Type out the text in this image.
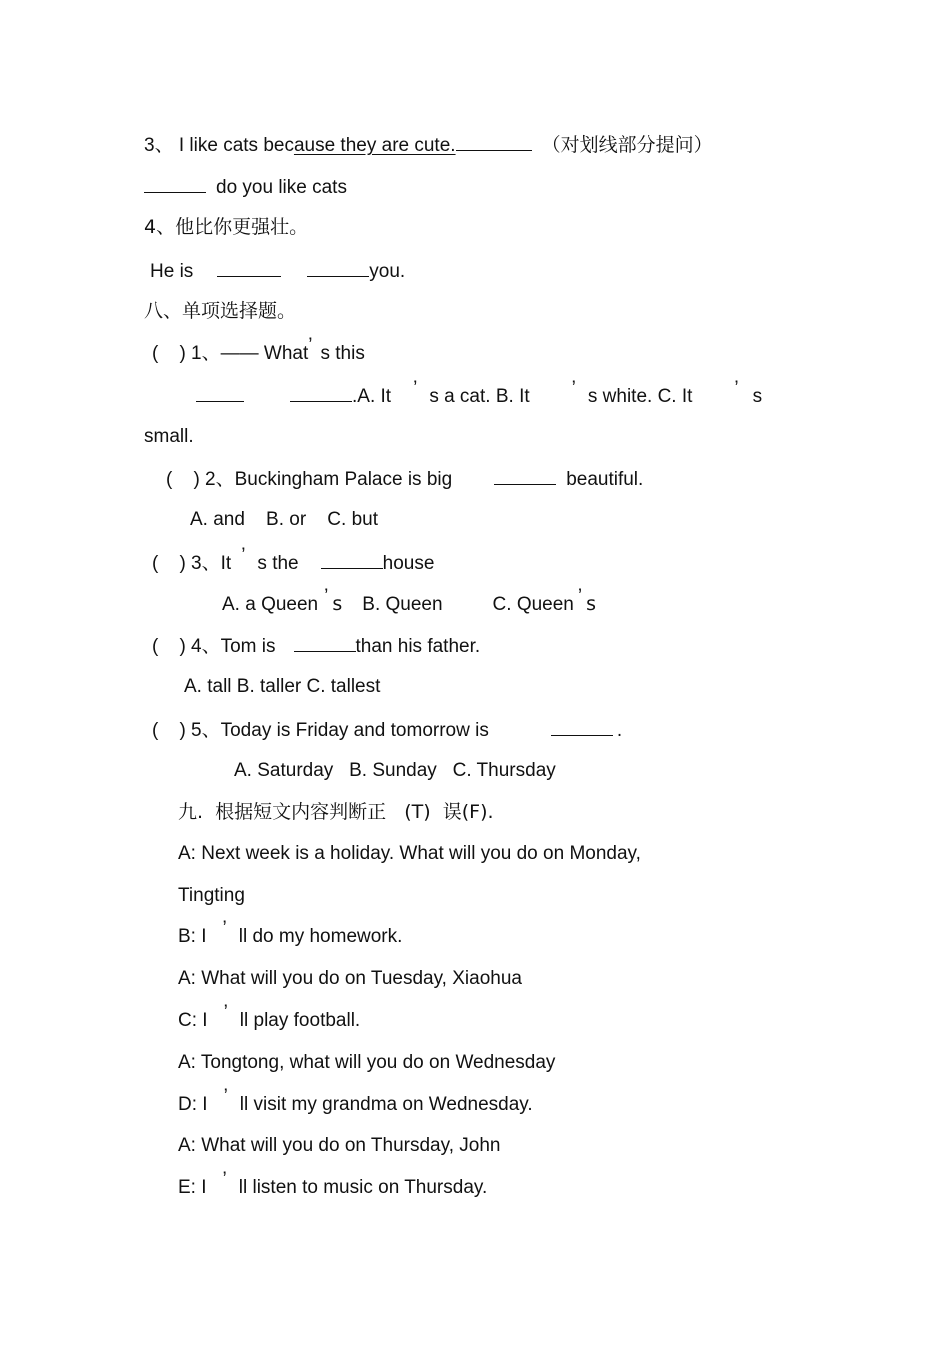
3、 I like cats because they are cute.	（对划线部分提问）
do you like cats
4、他比你更强壮。
He is	you.
八、单项选择题。
(    ) 1、—— What’ s this
.A. It ’ s a cat. B. It ’ s white. C. It ’ s
small.
(    ) 2、Buckingham Palace is big	beautiful.
A. and    B. or    C. but
(    ) 3、It ’ s the	house
A. a Queen ’ s B. Queen	C. Queen ’ s
(    ) 4、Tom is	than his father.
A. tall B. taller C. tallest
(    ) 5、Today is Friday and tomorrow is	.
A. Saturday   B. Sunday   C. Thursday
九.  根据短文内容判断正   (T)  误(F).
A: Next week is a holiday. What will you do on Monday,
Tingting
B: I ’ ll do my homework.
A: What will you do on Tuesday, Xiaohua
C: I ’ ll play football.
A: Tongtong, what will you do on Wednesday
D: I ’ ll visit my grandma on Wednesday.
A: What will you do on Thursday, John
E: I ’ ll listen to music on Thursday.
